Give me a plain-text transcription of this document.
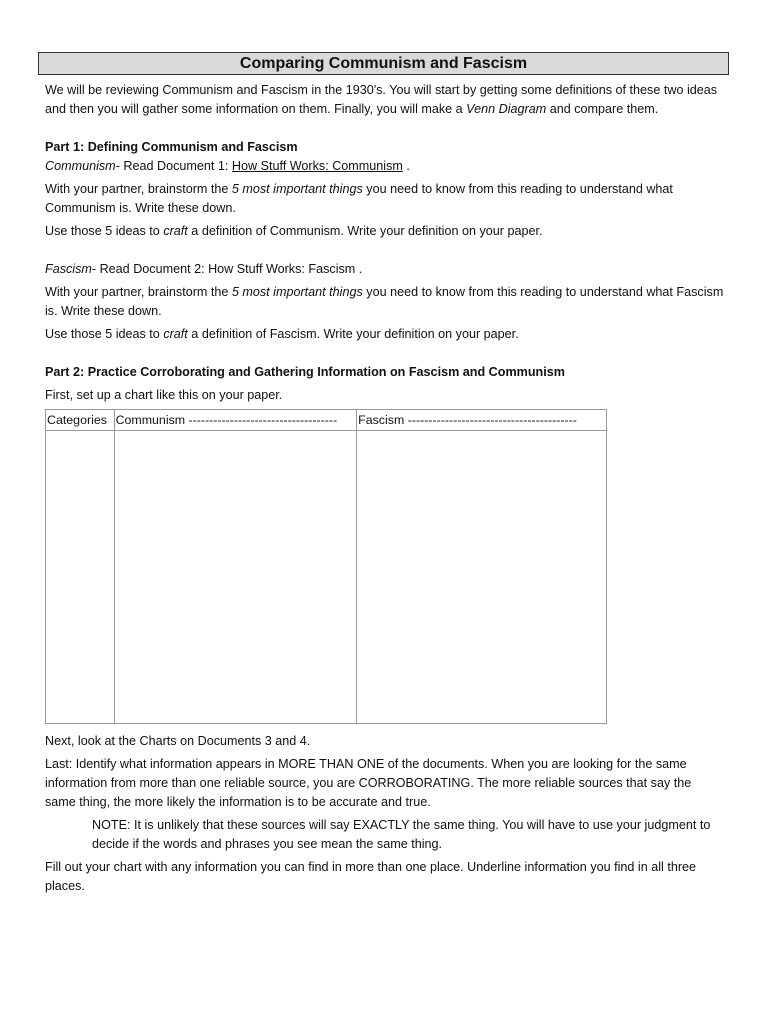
Comparing Communism and Fascism

We will be reviewing Communism and Fascism in the 1930's. You will start by getting some definitions of these two ideas and then you will gather some information on them. Finally, you will make a Venn Diagram and compare them.

Part 1: Defining Communism and Fascism

Communism- Read Document 1: How Stuff Works: Communism .

With your partner, brainstorm the 5 most important things you need to know from this reading to understand what Communism is. Write these down.

Use those 5 ideas to craft a definition of Communism. Write your definition on your paper.

Fascism- Read Document 2: How Stuff Works: Fascism .

With your partner, brainstorm the 5 most important things you need to know from this reading to understand what Fascism is. Write these down.

Use those 5 ideas to craft a definition of Fascism. Write your definition on your paper.

Part 2: Practice Corroborating and Gathering Information on Fascism and Communism

First, set up a chart like this on your paper.

Categories	Communism ------------------------------------	Fascism -----------------------------------------

Next, look at the Charts on Documents 3 and 4.

Last: Identify what information appears in MORE THAN ONE of the documents. When you are looking for the same information from more than one reliable source, you are CORROBORATING. The more reliable sources that say the same thing, the more likely the information is to be accurate and true.

NOTE: It is unlikely that these sources will say EXACTLY the same thing. You will have to use your judgment to decide if the words and phrases you see mean the same thing.

Fill out your chart with any information you can find in more than one place. Underline information you find in all three places.
